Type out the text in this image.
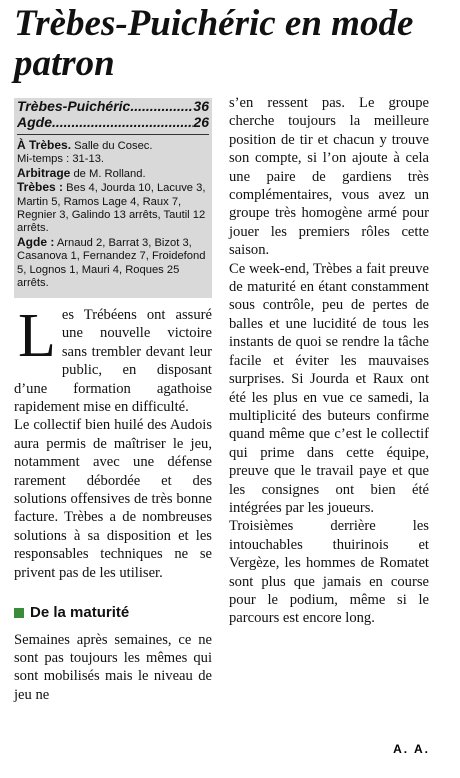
Trèbes-Puichéric en mode patron
Trèbes-Puichéric .....	36
Agde .....	26

À Trèbes. Salle du Cosec.

Mi-temps : 31-13.

Arbitrage de M. Rolland.

Trèbes : Bes 4, Jourda 10, Lacuve 3, Martin 5, Ramos Lage 4, Raux 7, Regnier 3, Galindo 13 arrêts, Tautil 12 arrêts.

Agde : Arnaud 2, Barrat 3, Bizot 3, Casanova 1, Fernandez 7, Froidefond 5, Lognos 1, Mauri 4, Roques 25 arrêts.

Les Trébéens ont assuré une nouvelle victoire sans trembler devant leur public, en disposant d’une formation agathoise rapidement mise en difficulté.

Le collectif bien huilé des Audois aura permis de maîtriser le jeu, notamment avec une défense rarement débordée et des solutions offensives de très bonne facture. Trèbes a de nombreuses solutions à sa disposition et les responsables techniques ne se privent pas de les utiliser.

De la maturité

Semaines après semaines, ce ne sont pas toujours les mêmes qui sont mobilisés mais le niveau de jeu ne

s’en ressent pas. Le groupe cherche toujours la meilleure position de tir et chacun y trouve son compte, si l’on ajoute à cela une paire de gardiens très complémentaires, vous avez un groupe très homogène armé pour jouer les premiers rôles cette saison.

Ce week-end, Trèbes a fait preuve de maturité en étant constamment sous contrôle, peu de pertes de balles et une lucidité de tous les instants de quoi se rendre la tâche facile et éviter les mauvaises surprises. Si Jourda et Raux ont été les plus en vue ce samedi, la multiplicité des buteurs confirme quand même que c’est le collectif qui prime dans cette équipe, preuve que le travail paye et que les consignes ont bien été intégrées par les joueurs.

Troisièmes derrière les intouchables thuirinois et Vergèze, les hommes de Romatet sont plus que jamais en course pour le podium, même si le parcours est encore long.

A. A.
